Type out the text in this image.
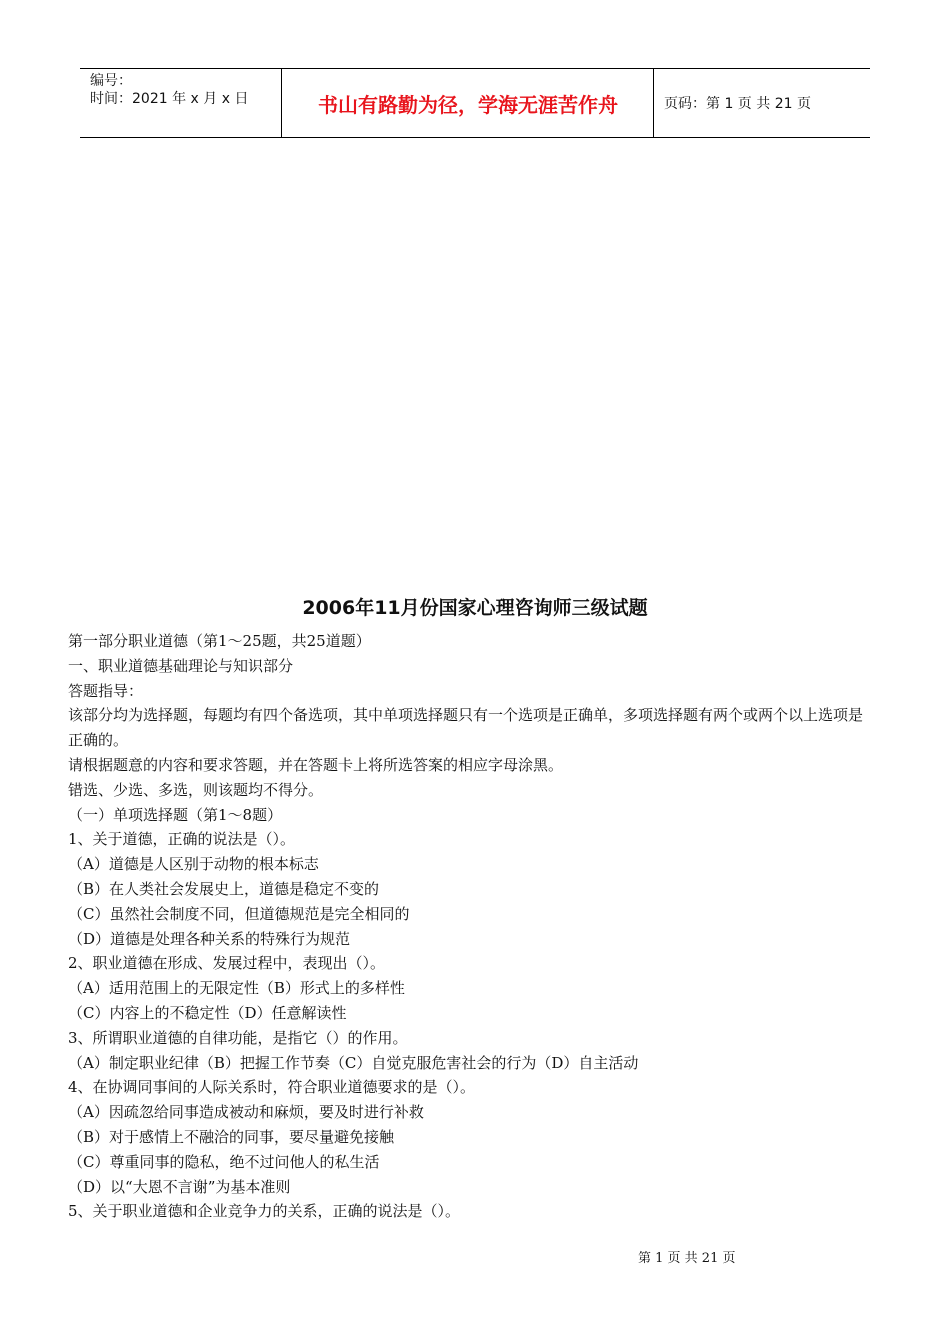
编号：
时间：2021 年 x 月 x 日	书山有路勤为径，学海无涯苦作舟	页码：第 1 页 共 21 页
2006年11月份国家心理咨询师三级试题
第一部分职业道德（第1～25题，共25道题）
一、职业道德基础理论与知识部分
答题指导：
该部分均为选择题，每题均有四个备选项，其中单项选择题只有一个选项是正确单，多项选择题有两个或两个以上选项是正确的。
请根据题意的内容和要求答题，并在答题卡上将所选答案的相应字母涂黑。
错选、少选、多选，则该题均不得分。
（一）单项选择题（第1～8题）
1、关于道德，正确的说法是（）。
（A）道德是人区别于动物的根本标志
（B）在人类社会发展史上，道德是稳定不变的
（C）虽然社会制度不同，但道德规范是完全相同的
（D）道德是处理各种关系的特殊行为规范
2、职业道德在形成、发展过程中，表现出（）。
（A）适用范围上的无限定性（B）形式上的多样性
（C）内容上的不稳定性（D）任意解读性
3、所谓职业道德的自律功能，是指它（）的作用。
（A）制定职业纪律（B）把握工作节奏（C）自觉克服危害社会的行为（D）自主活动
4、在协调同事间的人际关系时，符合职业道德要求的是（）。
（A）因疏忽给同事造成被动和麻烦，要及时进行补救
（B）对于感情上不融洽的同事，要尽量避免接触
（C）尊重同事的隐私，绝不过问他人的私生活
（D）以“大恩不言谢”为基本准则
5、关于职业道德和企业竞争力的关系，正确的说法是（）。
第 1 页 共 21 页
